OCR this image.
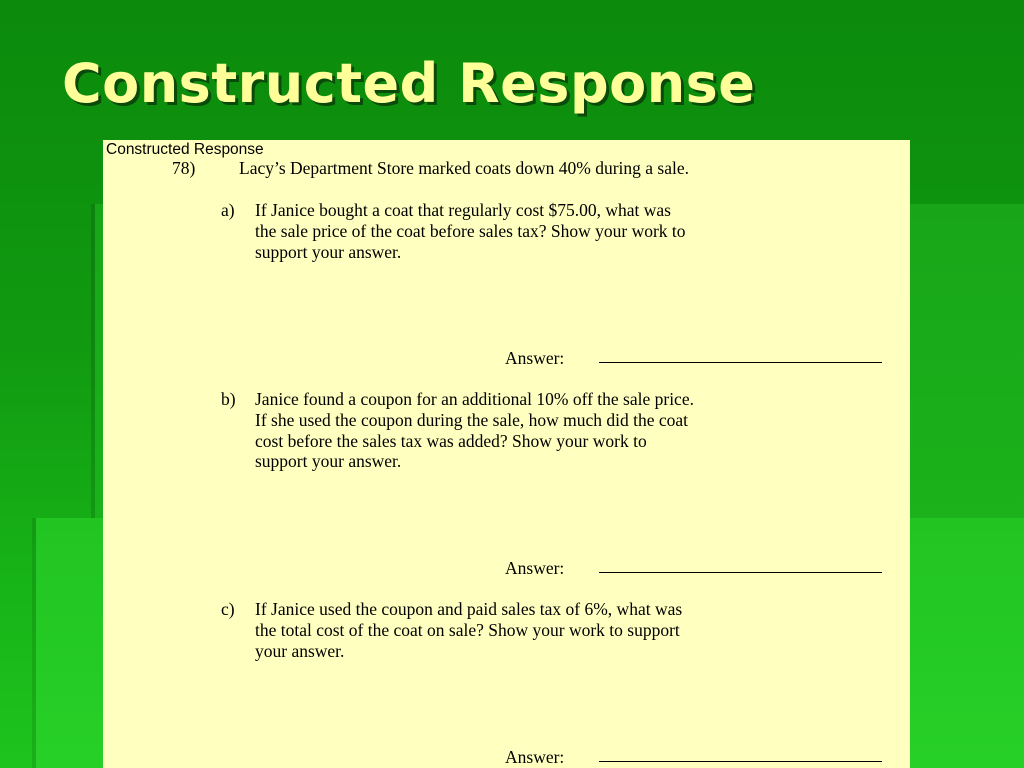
Constructed Response
Constructed Response
78) Lacy’s Department Store marked coats down 40% during a sale.
a) If Janice bought a coat that regularly cost $75.00, what was
the sale price of the coat before sales tax? Show your work to
support your answer.
Answer:
b) Janice found a coupon for an additional 10% off the sale price.
If she used the coupon during the sale, how much did the coat
cost before the sales tax was added? Show your work to
support your answer.
Answer:
c) If Janice used the coupon and paid sales tax of 6%, what was
the total cost of the coat on sale? Show your work to support
your answer.
Answer:
